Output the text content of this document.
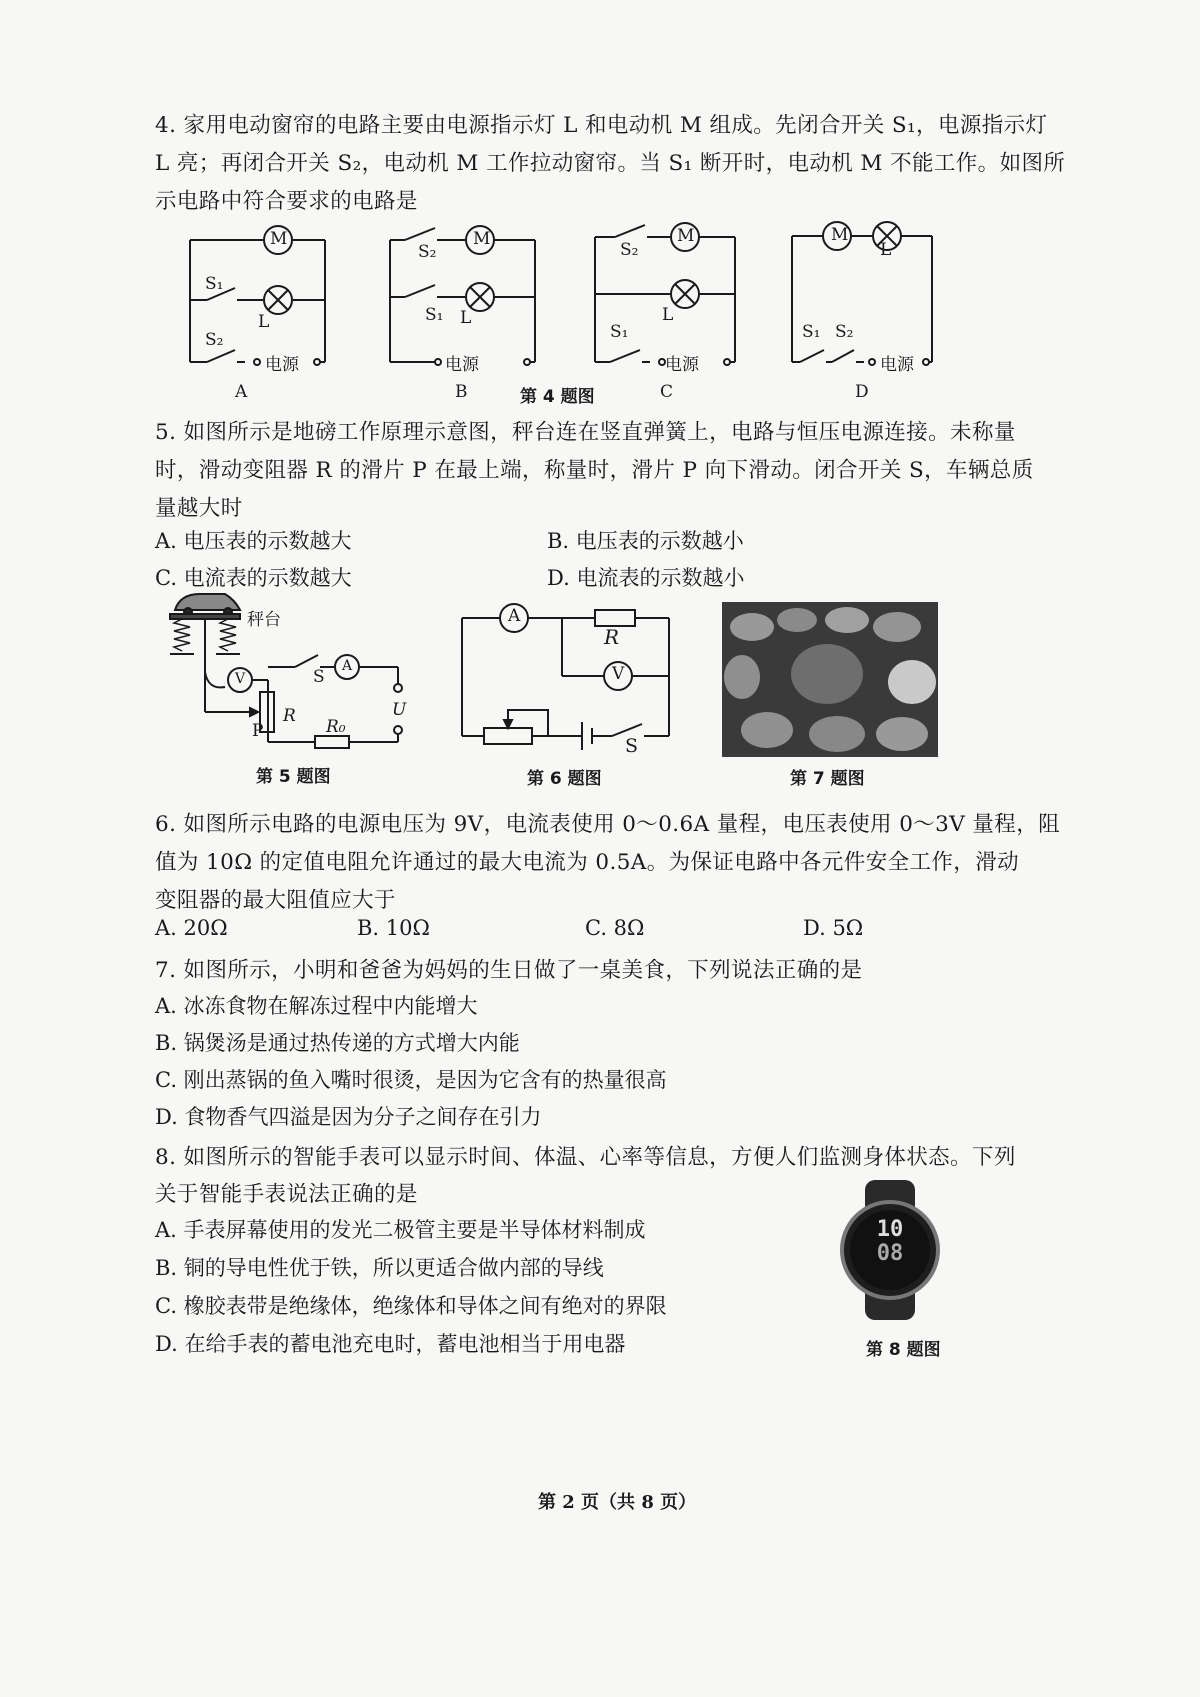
4. 家用电动窗帘的电路主要由电源指示灯 L 和电动机 M 组成。先闭合开关 S₁，电源指示灯
L 亮；再闭合开关 S₂，电动机 M 工作拉动窗帘。当 S₁ 断开时，电动机 M 不能工作。如图所
示电路中符合要求的电路是
M
S₁
L
S₂
电源
A
M
S₂
S₁ L
电源
B	第 4 题图
M
S₂
L
S₁
电源
C
M
L
S₁ S₂
电源
D
5. 如图所示是地磅工作原理示意图，秤台连在竖直弹簧上，电路与恒压电源连接。未称量
时，滑动变阻器 R 的滑片 P 在最上端，称量时，滑片 P 向下滑动。闭合开关 S，车辆总质
量越大时
A. 电压表的示数越大	B. 电压表的示数越小
C. 电流表的示数越大	D. 电流表的示数越小
秤台
V
A
S
R
P	R₀
U
第 5 题图
A
R
V
S
第 6 题图	第 7 题图
6. 如图所示电路的电源电压为 9V，电流表使用 0～0.6A 量程，电压表使用 0～3V 量程，阻
值为 10Ω 的定值电阻允许通过的最大电流为 0.5A。为保证电路中各元件安全工作，滑动
变阻器的最大阻值应大于
A. 20Ω	B. 10Ω	C. 8Ω	D. 5Ω
7. 如图所示，小明和爸爸为妈妈的生日做了一桌美食，下列说法正确的是
A. 冰冻食物在解冻过程中内能增大
B. 锅煲汤是通过热传递的方式增大内能
C. 刚出蒸锅的鱼入嘴时很烫，是因为它含有的热量很高
D. 食物香气四溢是因为分子之间存在引力
8. 如图所示的智能手表可以显示时间、体温、心率等信息，方便人们监测身体状态。下列
关于智能手表说法正确的是
A. 手表屏幕使用的发光二极管主要是半导体材料制成
B. 铜的导电性优于铁，所以更适合做内部的导线
C. 橡胶表带是绝缘体，绝缘体和导体之间有绝对的界限
D. 在给手表的蓄电池充电时，蓄电池相当于用电器
10
08
第 8 题图
第 2 页（共 8 页）
